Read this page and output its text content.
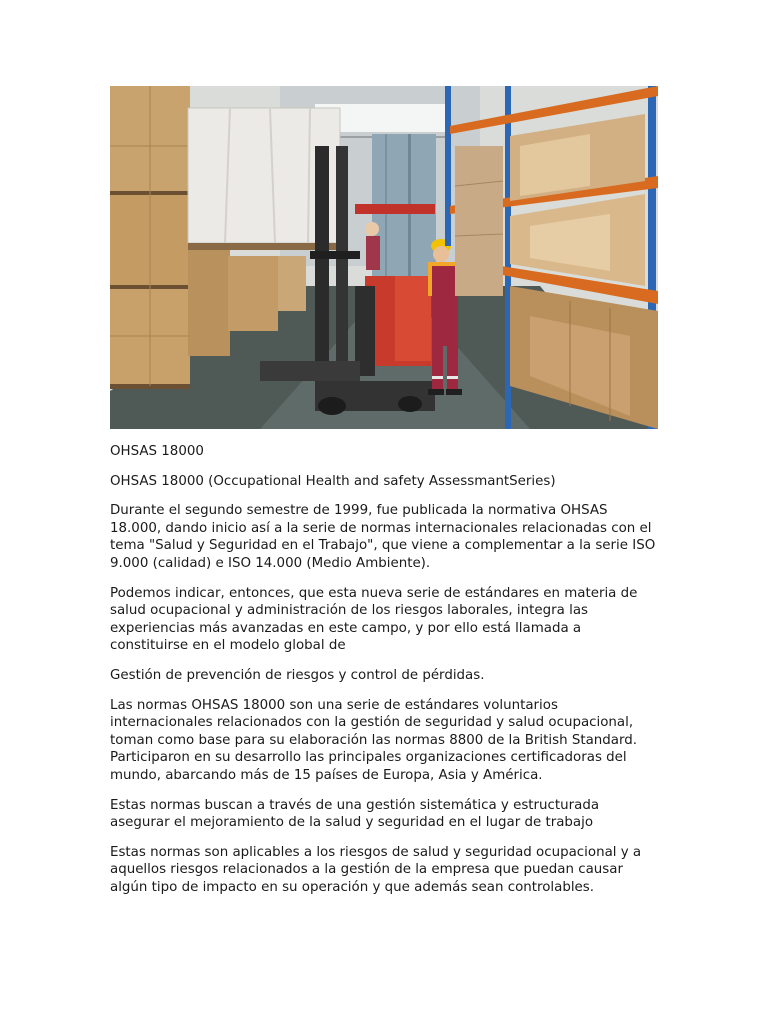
OHSAS 18000

OHSAS 18000 (Occupational Health and safety AssessmantSeries)

Durante el segundo semestre de 1999, fue publicada la normativa OHSAS 18.000, dando inicio así a la serie de normas internacionales relacionadas con el tema "Salud y Seguridad en el Trabajo", que viene a complementar a la serie ISO 9.000 (calidad) e ISO 14.000 (Medio Ambiente).

Podemos indicar, entonces, que esta nueva serie de estándares en materia de salud ocupacional y administración de los riesgos laborales, integra las experiencias más avanzadas en este campo, y por ello está llamada a constituirse en el modelo global de

Gestión de prevención de riesgos y control de pérdidas.

Las normas OHSAS 18000 son una serie de estándares voluntarios internacionales relacionados con la gestión de seguridad y salud ocupacional, toman como base para su elaboración las normas 8800 de la British Standard. Participaron en su desarrollo las principales organizaciones certificadoras del mundo, abarcando más de 15 países de Europa, Asia y América.

Estas normas buscan a través de una gestión sistemática y estructurada asegurar el mejoramiento de la salud y seguridad en el lugar de trabajo

Estas normas son aplicables a los riesgos de salud y seguridad ocupacional y a aquellos riesgos relacionados a la gestión de la empresa que puedan causar algún tipo de impacto en su operación y que además sean controlables.
